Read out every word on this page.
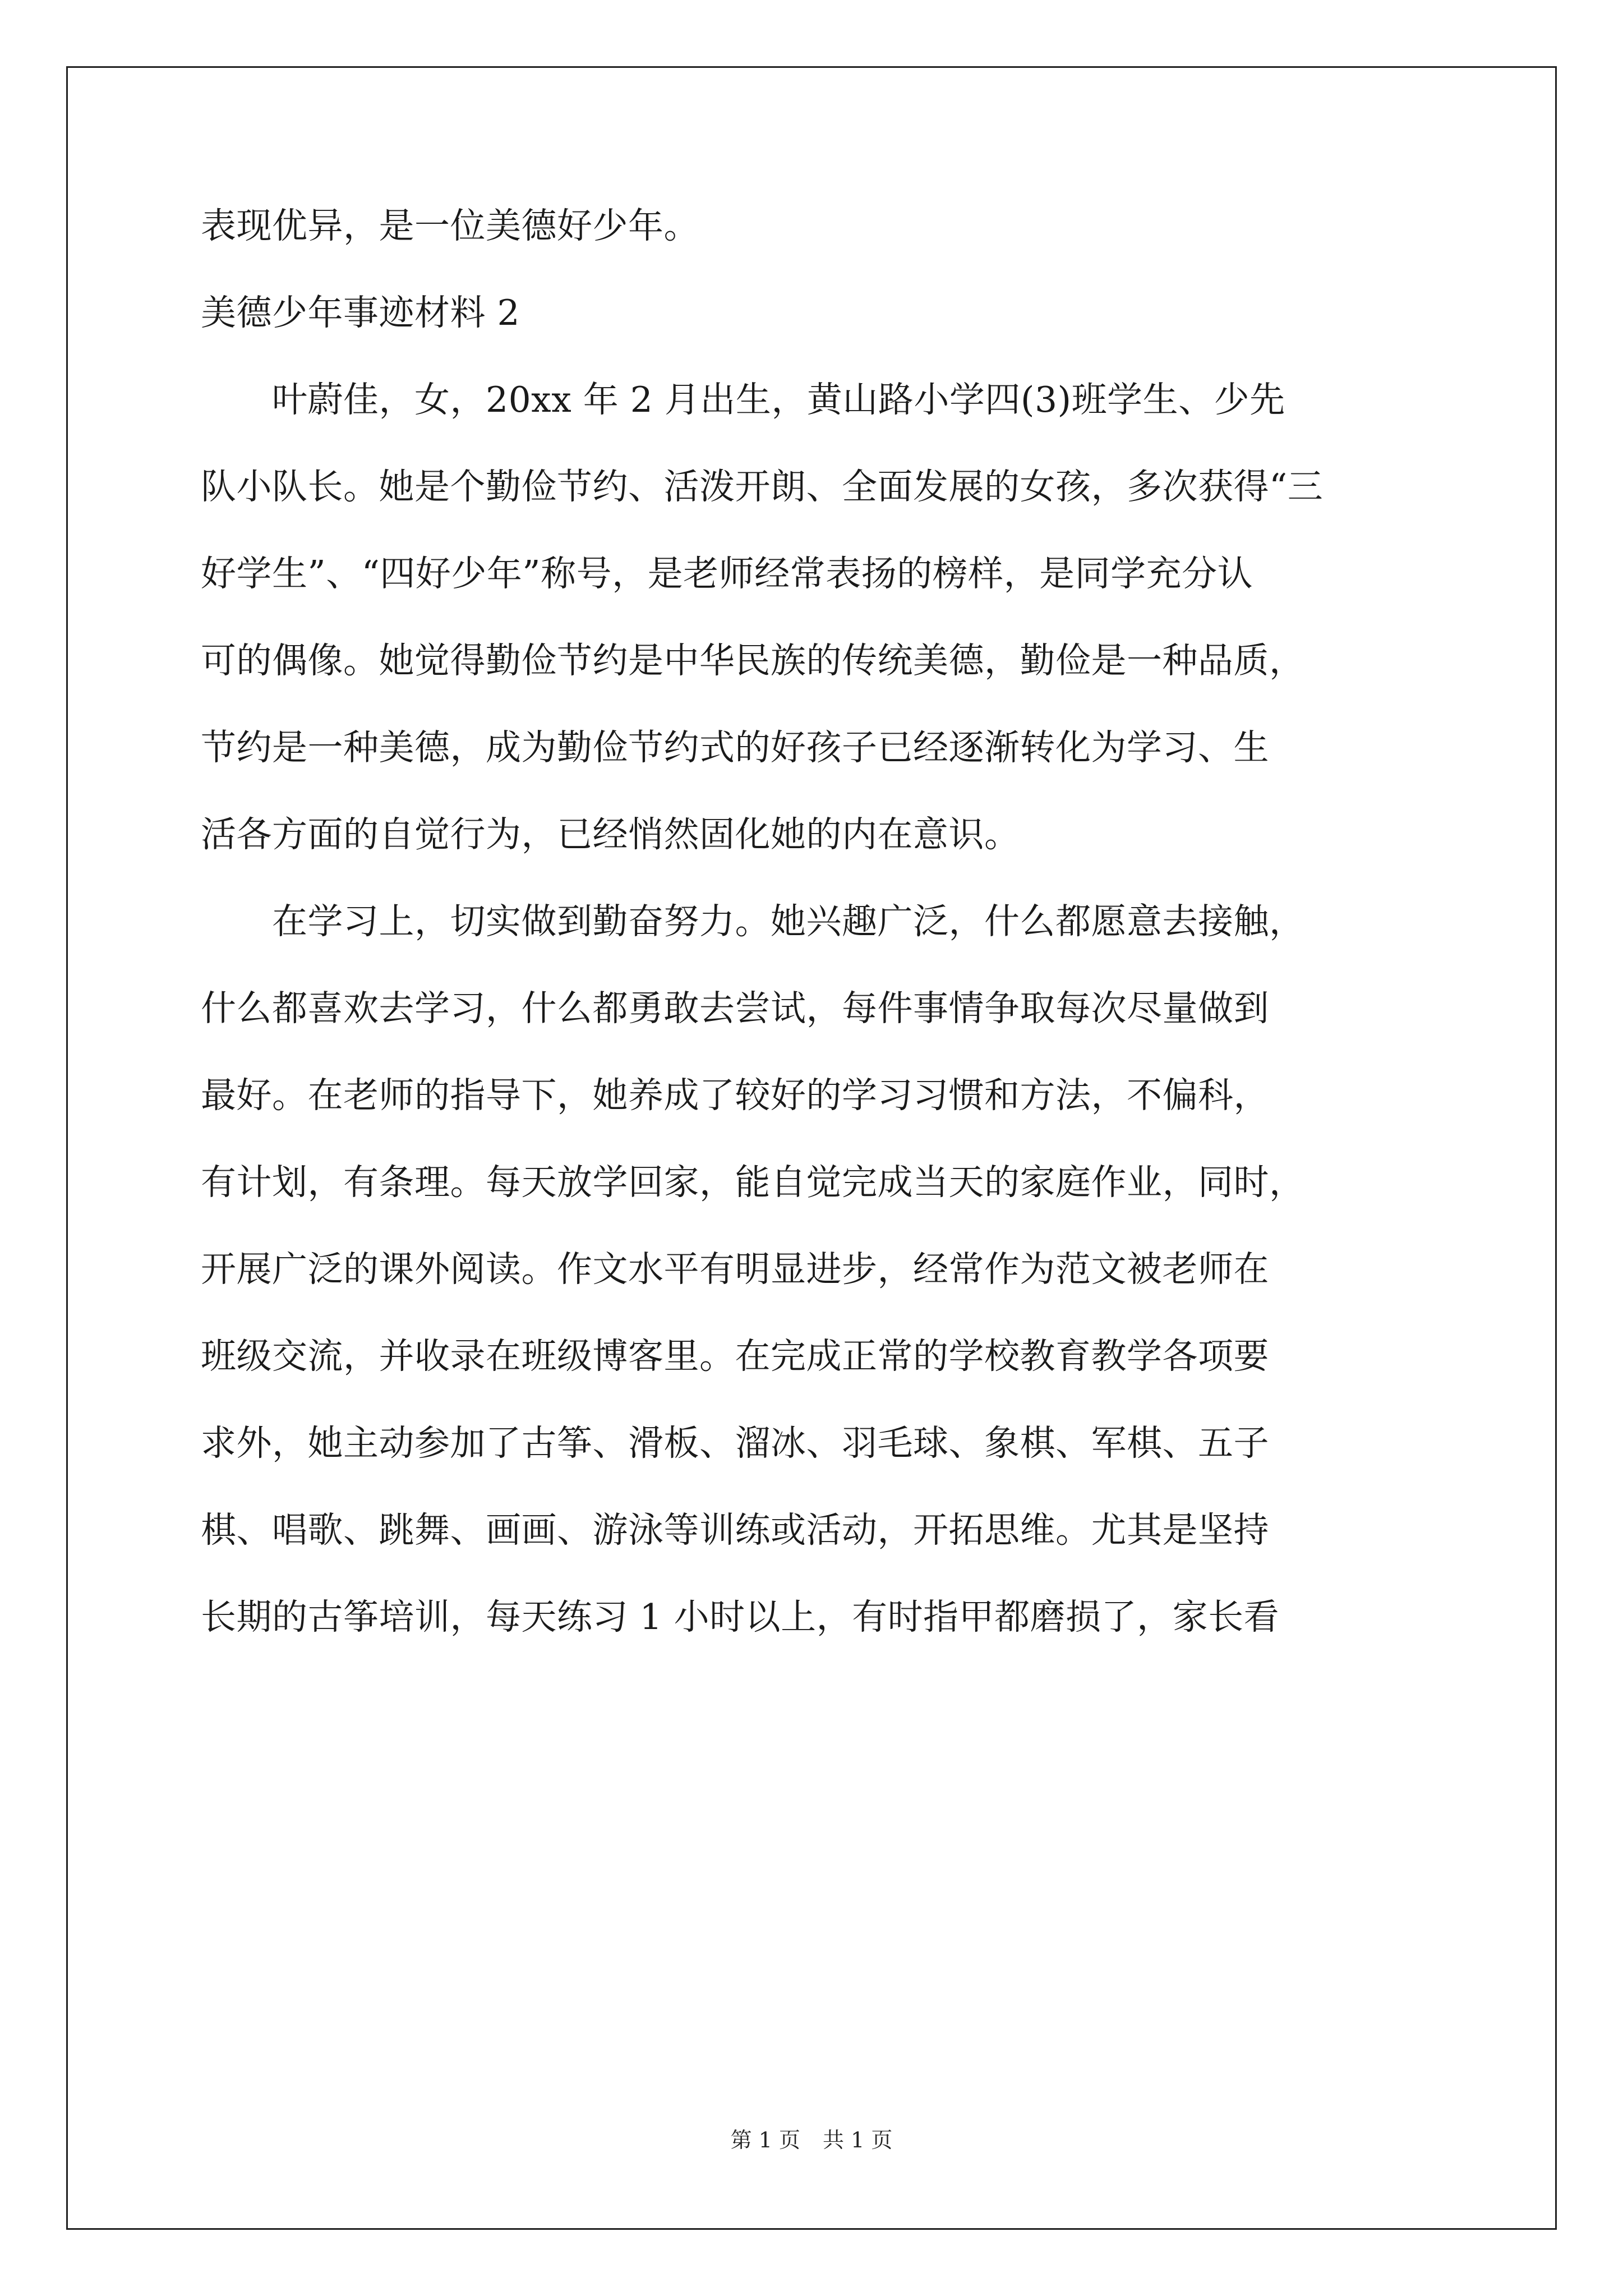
表现优异，是一位美德好少年。
美德少年事迹材料 2
　　叶蔚佳，女，20xx 年 2 月出生，黄山路小学四(3)班学生、少先
队小队长。她是个勤俭节约、活泼开朗、全面发展的女孩，多次获得“三
好学生”、“四好少年”称号，是老师经常表扬的榜样，是同学充分认
可的偶像。她觉得勤俭节约是中华民族的传统美德，勤俭是一种品质，
节约是一种美德，成为勤俭节约式的好孩子已经逐渐转化为学习、生
活各方面的自觉行为，已经悄然固化她的内在意识。
　　在学习上，切实做到勤奋努力。她兴趣广泛，什么都愿意去接触，
什么都喜欢去学习，什么都勇敢去尝试，每件事情争取每次尽量做到
最好。在老师的指导下，她养成了较好的学习习惯和方法，不偏科，
有计划，有条理。每天放学回家，能自觉完成当天的家庭作业，同时，
开展广泛的课外阅读。作文水平有明显进步，经常作为范文被老师在
班级交流，并收录在班级博客里。在完成正常的学校教育教学各项要
求外，她主动参加了古筝、滑板、溜冰、羽毛球、象棋、军棋、五子
棋、唱歌、跳舞、画画、游泳等训练或活动，开拓思维。尤其是坚持
长期的古筝培训，每天练习 1 小时以上，有时指甲都磨损了，家长看
第 1 页 共 1 页
